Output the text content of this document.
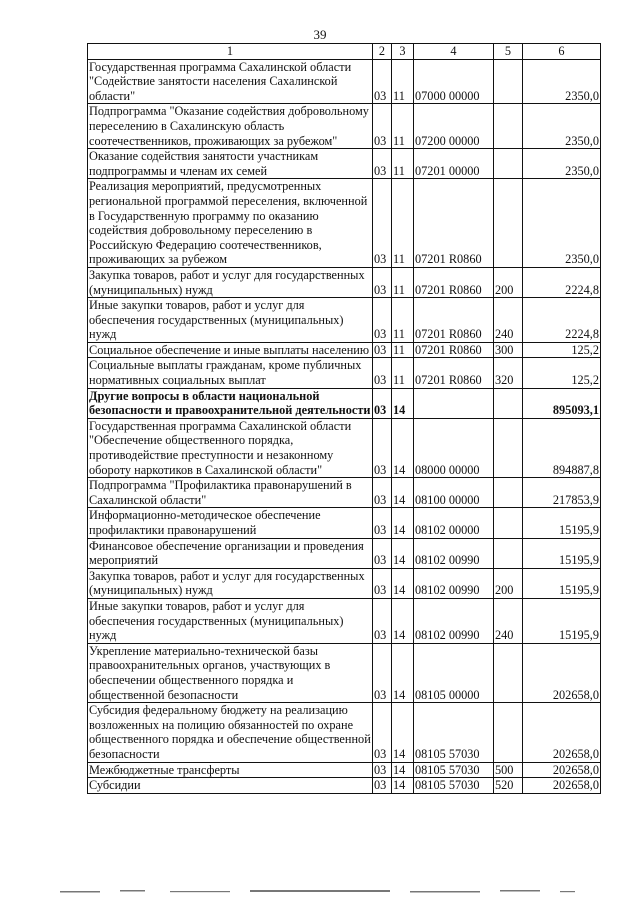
39
1	2	3	4	5	6
Государственная программа Сахалинской области "Содействие занятости населения Сахалинской области"	03	11	07000 00000		2350,0
Подпрограмма "Оказание содействия добровольному переселению в Сахалинскую область соотечественников, проживающих за рубежом"	03	11	07200 00000		2350,0
Оказание содействия занятости участникам подпрограммы и членам их семей	03	11	07201 00000		2350,0
Реализация мероприятий, предусмотренных региональной программой переселения, включенной в Государственную программу по оказанию содействия добровольному переселению в Российскую Федерацию соотечественников, проживающих за рубежом	03	11	07201 R0860		2350,0
Закупка товаров, работ и услуг для государственных (муниципальных) нужд	03	11	07201 R0860	200	2224,8
Иные закупки товаров, работ и услуг для обеспечения государственных (муниципальных) нужд	03	11	07201 R0860	240	2224,8
Социальное обеспечение и иные выплаты населению	03	11	07201 R0860	300	125,2
Социальные выплаты гражданам, кроме публичных нормативных социальных выплат	03	11	07201 R0860	320	125,2
Другие вопросы в области национальной безопасности и правоохранительной деятельности	03	14			895093,1
Государственная программа Сахалинской области "Обеспечение общественного порядка, противодействие преступности и незаконному обороту наркотиков в Сахалинской области"	03	14	08000 00000		894887,8
Подпрограмма "Профилактика правонарушений в Сахалинской области"	03	14	08100 00000		217853,9
Информационно-методическое обеспечение профилактики правонарушений	03	14	08102 00000		15195,9
Финансовое обеспечение организации и проведения мероприятий	03	14	08102 00990		15195,9
Закупка товаров, работ и услуг для государственных (муниципальных) нужд	03	14	08102 00990	200	15195,9
Иные закупки товаров, работ и услуг для обеспечения государственных (муниципальных) нужд	03	14	08102 00990	240	15195,9
Укрепление материально-технической базы правоохранительных органов, участвующих в обеспечении общественного порядка и общественной безопасности	03	14	08105 00000		202658,0
Субсидия федеральному бюджету на реализацию возложенных на полицию обязанностей по охране общественного порядка и обеспечение общественной безопасности	03	14	08105 57030		202658,0
Межбюджетные трансферты	03	14	08105 57030	500	202658,0
Субсидии	03	14	08105 57030	520	202658,0
